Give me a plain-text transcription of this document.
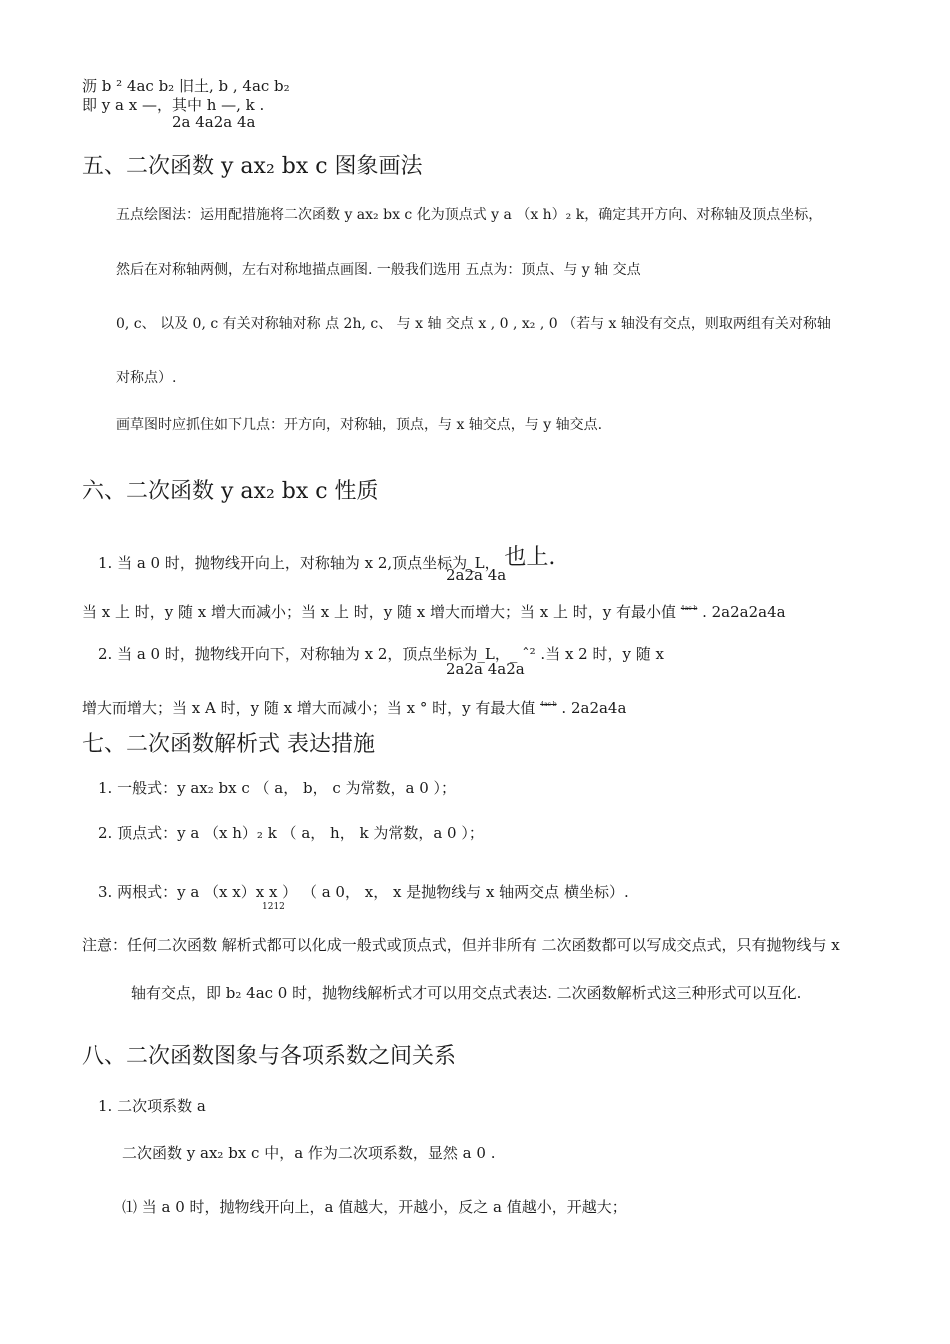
沥 b ² 4ac b₂ 旧土, b , 4ac b₂
即 y a x —，其中 h —, k .
2a 4a2a 4a
五、二次函数 y ax₂ bx c 图象画法
五点绘图法：运用配措施将二次函数 y ax₂ bx c 化为顶点式 y a （x h）₂ k，确定其开方向、对称轴及顶点坐标，
然后在对称轴两侧，左右对称地描点画图. 一般我们选用 五点为：顶点、与 y 轴 交点
0, c、 以及 0, c 有关对称轴对称 点 2h, c、 与 x 轴 交点 x , 0 , x₂ , 0 （若与 x 轴没有交点，则取两组有关对称轴
对称点）.
画草图时应抓住如下几点：开方向，对称轴，顶点，与 x 轴交点，与 y 轴交点.
六、二次函数 y ax₂ bx c 性质
1. 当 a 0 时，抛物线开向上，对称轴为 x 2,顶点坐标为_L， 也上.
2a2a 4a
当 x 上 时，y 随 x 增大而减小；当 x 上 时，y 随 x 增大而增大；当 x 上 时，y 有最小值 $^{4ac b}$ . 2a2a2a4a
2. 当 a 0 时，抛物线开向下，对称轴为 x 2，顶点坐标为_L，_ ˆ² .当 x 2 时，y 随 x
2a2a 4a2a
增大而增大；当 x A 时，y 随 x 增大而减小；当 x ° 时，y 有最大值 $^{4ac b}$ . 2a2a4a
七、二次函数解析式 表达措施
1. 一般式：y ax₂ bx c （ a， b， c 为常数，a 0 ）；
2. 顶点式：y a （x h）₂ k （ a， h， k 为常数，a 0 ）；
3. 两根式：y a （x x）x x ） （ a 0， x， x 是抛物线与 x 轴两交点 横坐标）.
1212
注意：任何二次函数 解析式都可以化成一般式或顶点式，但并非所有 二次函数都可以写成交点式，只有抛物线与 x
轴有交点，即 b₂ 4ac 0 时，抛物线解析式才可以用交点式表达. 二次函数解析式这三种形式可以互化.
八、二次函数图象与各项系数之间关系
1. 二次项系数 a
二次函数 y ax₂ bx c 中，a 作为二次项系数，显然 a 0 .
⑴ 当 a 0 时，抛物线开向上，a 值越大，开越小，反之 a 值越小，开越大；
